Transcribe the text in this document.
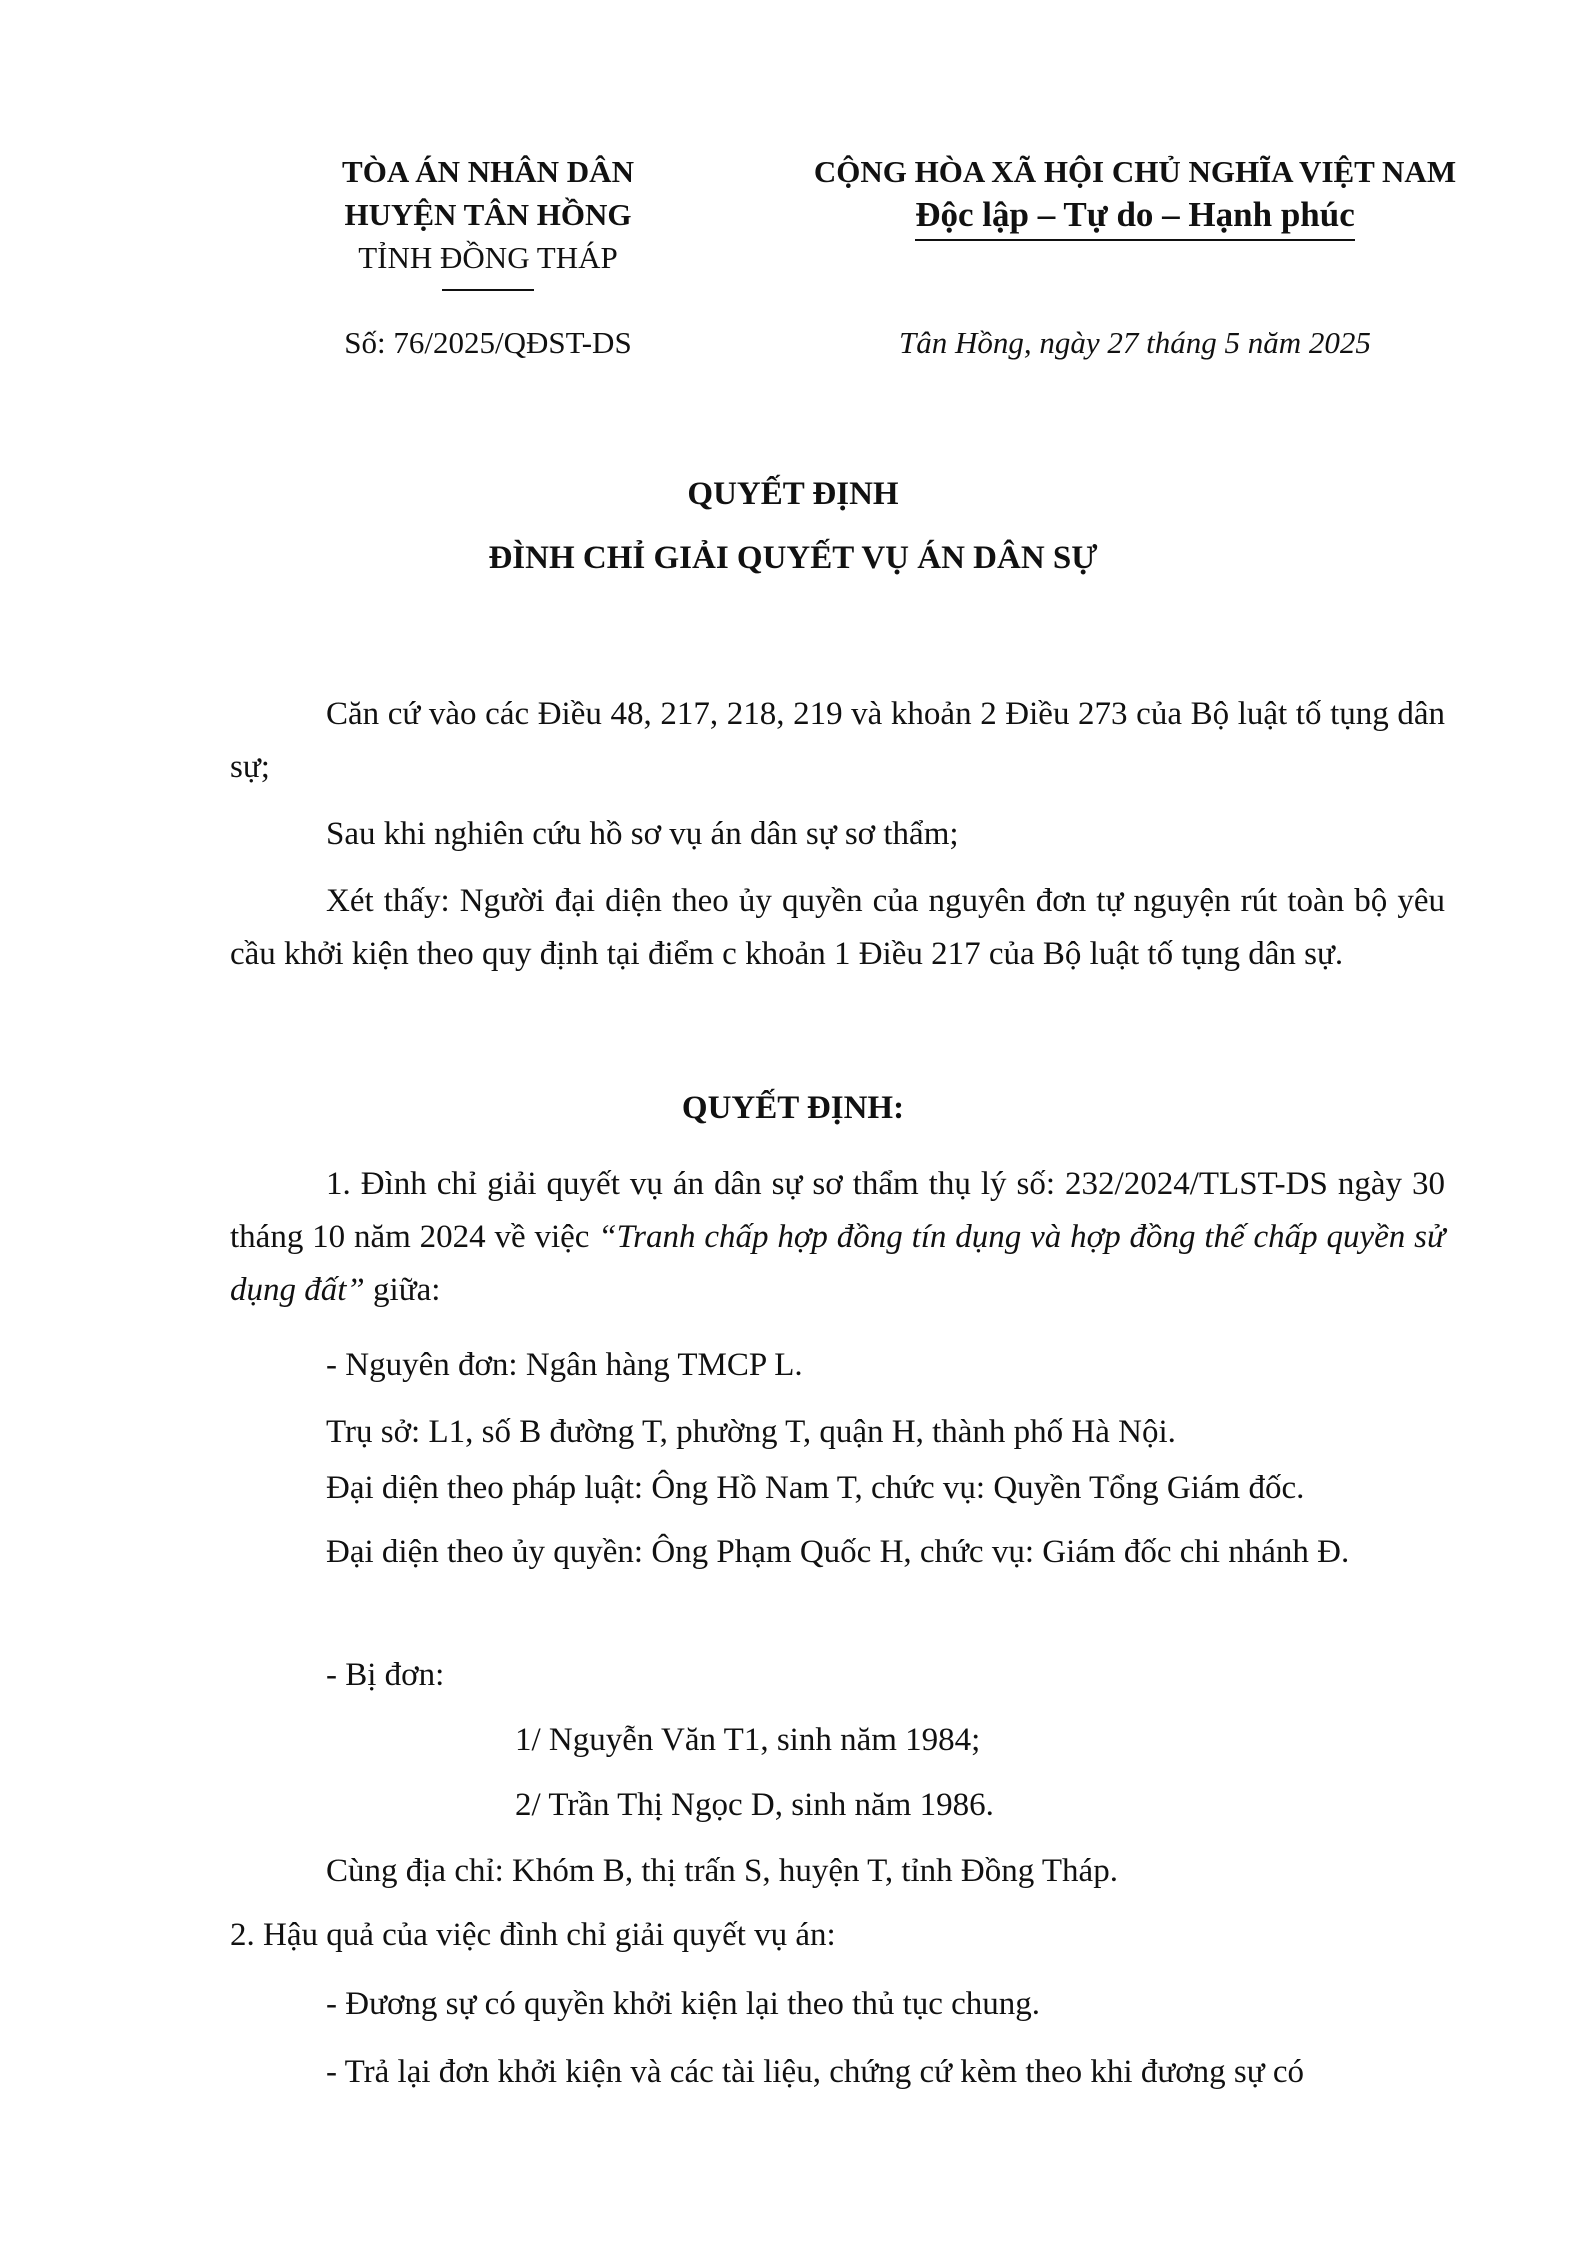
TÒA ÁN NHÂN DÂN
HUYỆN TÂN HỒNG
TỈNH ĐỒNG THÁP
CỘNG HÒA XÃ HỘI CHỦ NGHĨA VIỆT NAM
Độc lập – Tự do – Hạnh phúc
Số: 76/2025/QĐST-DS	Tân Hồng, ngày 27 tháng 5 năm 2025
QUYẾT ĐỊNH
ĐÌNH CHỈ GIẢI QUYẾT VỤ ÁN DÂN SỰ

Căn cứ vào các Điều 48, 217, 218, 219 và khoản 2 Điều 273 của Bộ luật tố tụng dân sự;

Sau khi nghiên cứu hồ sơ vụ án dân sự sơ thẩm;

Xét thấy: Người đại diện theo ủy quyền của nguyên đơn tự nguyện rút toàn bộ yêu cầu khởi kiện theo quy định tại điểm c khoản 1 Điều 217 của Bộ luật tố tụng dân sự.

QUYẾT ĐỊNH:

1. Đình chỉ giải quyết vụ án dân sự sơ thẩm thụ lý số: 232/2024/TLST-DS ngày 30 tháng 10 năm 2024 về việc “Tranh chấp hợp đồng tín dụng và hợp đồng thế chấp quyền sử dụng đất” giữa:

- Nguyên đơn: Ngân hàng TMCP L.
Trụ sở: L1, số B đường T, phường T, quận H, thành phố Hà Nội.
Đại diện theo pháp luật: Ông Hồ Nam T, chức vụ: Quyền Tổng Giám đốc.

Đại diện theo ủy quyền: Ông Phạm Quốc H, chức vụ: Giám đốc chi nhánh Đ.

- Bị đơn:
1/ Nguyễn Văn T1, sinh năm 1984;
2/ Trần Thị Ngọc D, sinh năm 1986.
Cùng địa chỉ: Khóm B, thị trấn S, huyện T, tỉnh Đồng Tháp.
2. Hậu quả của việc đình chỉ giải quyết vụ án:
- Đương sự có quyền khởi kiện lại theo thủ tục chung.
- Trả lại đơn khởi kiện và các tài liệu, chứng cứ kèm theo khi đương sự có
